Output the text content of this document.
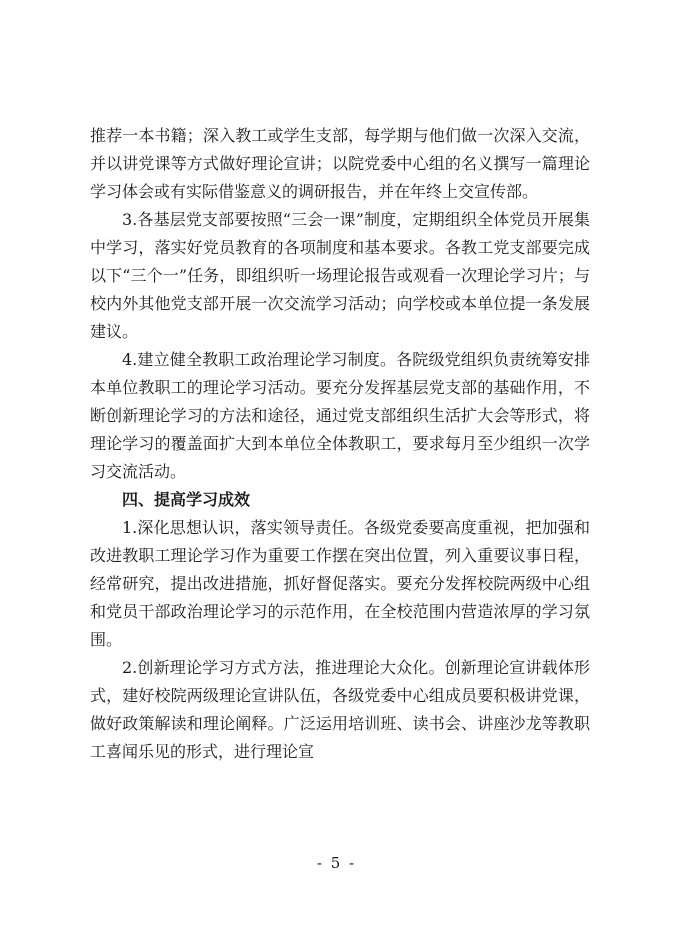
推荐一本书籍；深入教工或学生支部，每学期与他们做一次深入交流，并以讲党课等方式做好理论宣讲；以院党委中心组的名义撰写一篇理论学习体会或有实际借鉴意义的调研报告，并在年终上交宣传部。

3.各基层党支部要按照“三会一课”制度，定期组织全体党员开展集中学习，落实好党员教育的各项制度和基本要求。各教工党支部要完成以下“三个一”任务，即组织听一场理论报告或观看一次理论学习片；与校内外其他党支部开展一次交流学习活动；向学校或本单位提一条发展建议。

4.建立健全教职工政治理论学习制度。各院级党组织负责统筹安排本单位教职工的理论学习活动。要充分发挥基层党支部的基础作用，不断创新理论学习的方法和途径，通过党支部组织生活扩大会等形式，将理论学习的覆盖面扩大到本单位全体教职工，要求每月至少组织一次学习交流活动。

四、提高学习成效

1.深化思想认识，落实领导责任。各级党委要高度重视，把加强和改进教职工理论学习作为重要工作摆在突出位置，列入重要议事日程，经常研究，提出改进措施，抓好督促落实。要充分发挥校院两级中心组和党员干部政治理论学习的示范作用，在全校范围内营造浓厚的学习氛围。

2.创新理论学习方式方法，推进理论大众化。创新理论宣讲载体形式，建好校院两级理论宣讲队伍，各级党委中心组成员要积极讲党课，做好政策解读和理论阐释。广泛运用培训班、读书会、讲座沙龙等教职工喜闻乐见的形式，进行理论宣

- 5 -
